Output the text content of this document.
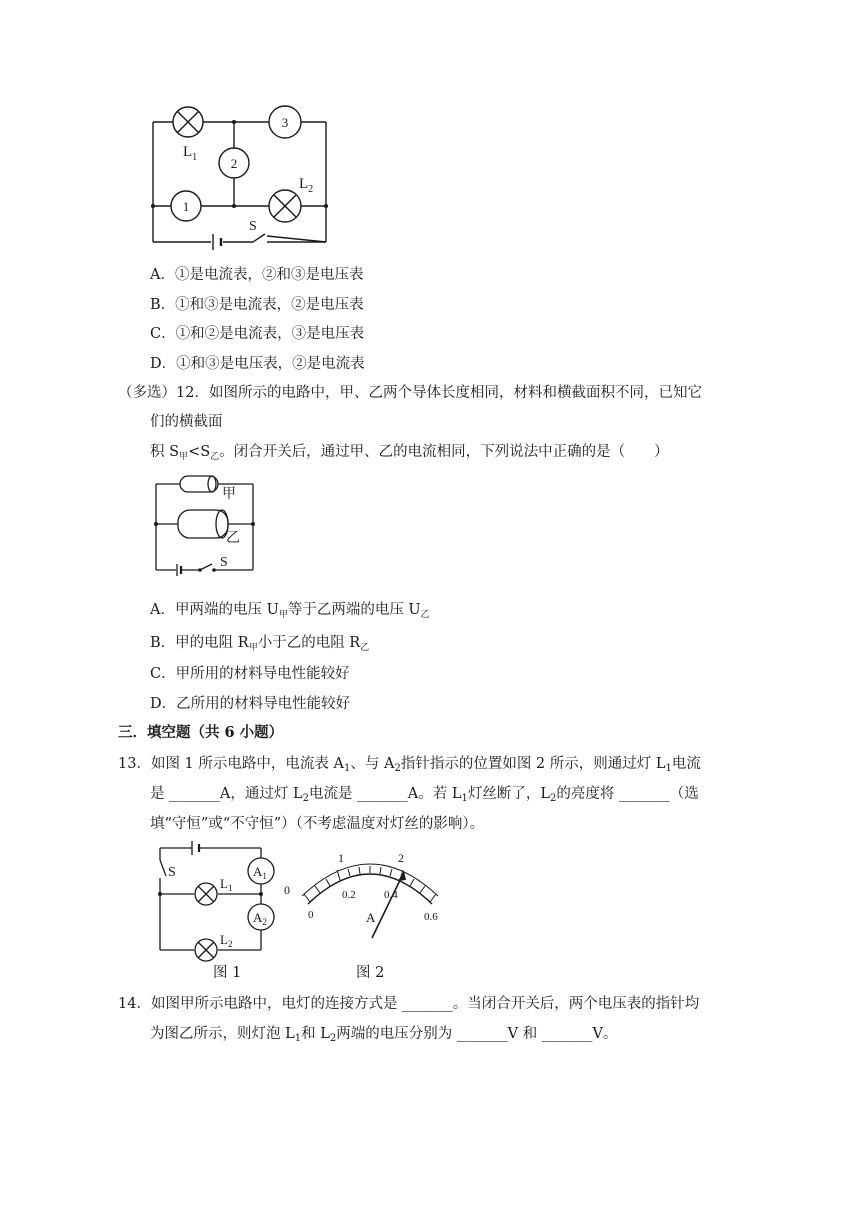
3
2
1
$L_1$
$L_2$
S
A．①是电流表，②和③是电压表
B．①和③是电流表，②是电压表
C．①和②是电流表，③是电压表
D．①和③是电压表，②是电流表
（多选）12．如图所示的电路中，甲、乙两个导体长度相同，材料和横截面积不同，已知它
们的横截面
积 $S_甲<S_乙$。闭合开关后，通过甲、乙的电流相同，下列说法中正确的是（　　）
甲
乙
S
A．甲两端的电压 $U_甲$等于乙两端的电压 $U_乙$
B．甲的电阻 $R_甲$小于乙的电阻 $R_乙$
C．甲所用的材料导电性能较好
D．乙所用的材料导电性能较好
三．填空题（共 6 小题）
13．如图 1 所示电路中，电流表 $A_1$、与 $A_2$指针指示的位置如图 2 所示，则通过灯 $L_1$电流
是 _______A，通过灯 $L_2$电流是 _______A。若 $L_1$灯丝断了，$L_2$的亮度将 _______（选
填“守恒”或“不守恒”）（不考虑温度对灯丝的影响）。
S
$L_1$
$L_2$
$A_1$
$A_2$
图 1
0
1	2
0
0.2	0.4
0.6
A
图 2
14．如图甲所示电路中，电灯的连接方式是 _______。当闭合开关后，两个电压表的指针均
为图乙所示，则灯泡 $L_1$和 $L_2$两端的电压分别为 _______V 和 _______V。
